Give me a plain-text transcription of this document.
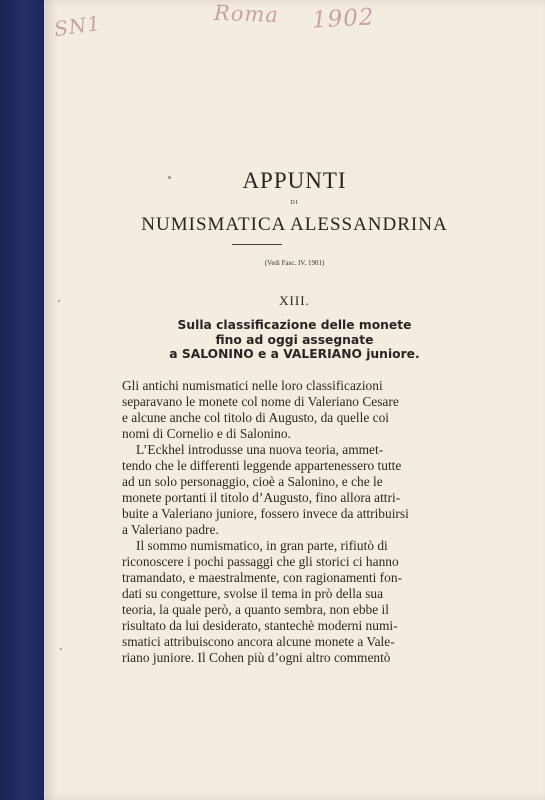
SN1	Roma 1902
APPUNTI
DI
NUMISMATICA ALESSANDRINA
(Vedi Fasc. IV, 1901)
XIII.
Sulla classificazione delle monete
fino ad oggi assegnate
a SALONINO e a VALERIANO juniore.
Gli antichi numismatici nelle loro classificazioni
separavano le monete col nome di Valeriano Cesare
e alcune anche col titolo di Augusto, da quelle coi
nomi di Cornelio e di Salonino.
L’Eckhel introdusse una nuova teoria, ammet-
tendo che le differenti leggende appartenessero tutte
ad un solo personaggio, cioè a Salonino, e che le
monete portanti il titolo d’Augusto, fino allora attri-
buite a Valeriano juniore, fossero invece da attribuirsi
a Valeriano padre.
Il sommo numismatico, in gran parte, rifiutò di
riconoscere i pochi passaggi che gli storici ci hanno
tramandato, e maestralmente, con ragionamenti fon-
dati su congetture, svolse il tema in prò della sua
teoria, la quale però, a quanto sembra, non ebbe il
risultato da lui desiderato, stantechè moderni numi-
smatici attribuiscono ancora alcune monete a Vale-
riano juniore. Il Cohen più d’ogni altro commentò
